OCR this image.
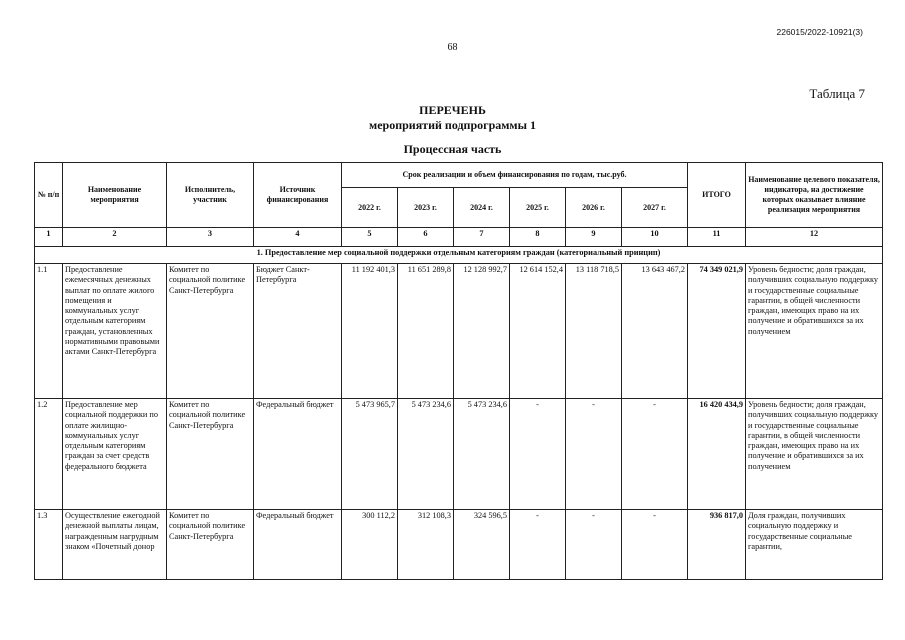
226015/2022-10921(3)
68
Таблица 7
ПЕРЕЧЕНЬ
мероприятий подпрограммы 1
Процессная часть
№ п/п	Наименование мероприятия	Исполнитель, участник	Источник финансирования	Срок реализации и объем финансирования по годам, тыс.руб.						ИТОГО	Наименование целевого показателя, индикатора, на достижение которых оказывает влияние реализация мероприятия
				2022 г.	2023 г.	2024 г.	2025 г.	2026 г.	2027 г.		
1	2	3	4	5	6	7	8	9	10	11	12
1. Предоставление мер социальной поддержки отдельным категориям граждан (категориальный принцип)											
1.1	Предоставление ежемесячных денежных выплат по оплате жилого помещения и коммунальных услуг отдельным категориям граждан, установленных нормативными правовыми актами Санкт-Петербурга	Комитет по социальной политике Санкт-Петербурга	Бюджет Санкт-Петербурга	11 192 401,3	11 651 289,8	12 128 992,7	12 614 152,4	13 118 718,5	13 643 467,2	74 349 021,9	Уровень бедности; доля граждан, получивших социальную поддержку и государственные социальные гарантии, в общей численности граждан, имеющих право на их получение и обратившихся за их получением
1.2	Предоставление мер социальной поддержки по оплате жилищно-коммунальных услуг отдельным категориям граждан за счет средств федерального бюджета	Комитет по социальной политике Санкт-Петербурга	Федеральный бюджет	5 473 965,7	5 473 234,6	5 473 234,6	-	-	-	16 420 434,9	Уровень бедности; доля граждан, получивших социальную поддержку и государственные социальные гарантии, в общей численности граждан, имеющих право на их получение и обратившихся за их получением
1.3	Осуществление ежегодной денежной выплаты лицам, награжденным нагрудным знаком «Почетный донор	Комитет по социальной политике Санкт-Петербурга	Федеральный бюджет	300 112,2	312 108,3	324 596,5	-	-	-	936 817,0	Доля граждан, получивших социальную поддержку и государственные социальные гарантии,
